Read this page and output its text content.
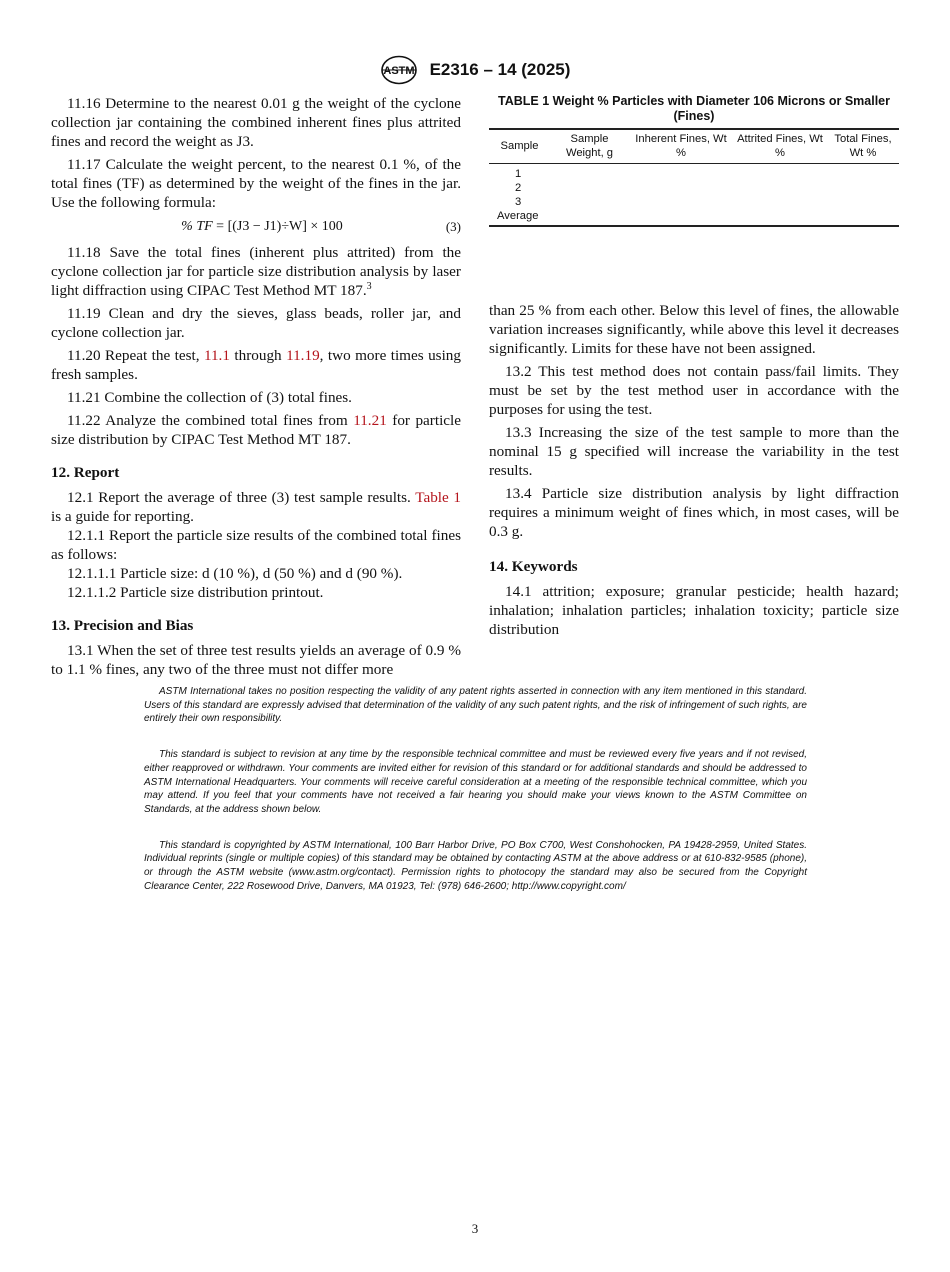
ASTM E2316 – 14 (2025)

11.16 Determine to the nearest 0.01 g the weight of the cyclone collection jar containing the combined inherent fines plus attrited fines and record the weight as J3.

11.17 Calculate the weight percent, to the nearest 0.1 %, of the total fines (TF) as determined by the weight of the fines in the jar. Use the following formula:

% TF = [(J3 − J1)÷W] × 100	(3)

11.18 Save the total fines (inherent plus attrited) from the cyclone collection jar for particle size distribution analysis by laser light diffraction using CIPAC Test Method MT 187.$^3$

11.19 Clean and dry the sieves, glass beads, roller jar, and cyclone collection jar.

11.20 Repeat the test, 11.1 through 11.19, two more times using fresh samples.

11.21 Combine the collection of (3) total fines.

11.22 Analyze the combined total fines from 11.21 for particle size distribution by CIPAC Test Method MT 187.

12. Report

12.1 Report the average of three (3) test sample results. Table 1 is a guide for reporting.

12.1.1 Report the particle size results of the combined total fines as follows:

12.1.1.1 Particle size: d (10 %), d (50 %) and d (90 %).

12.1.1.2 Particle size distribution printout.

13. Precision and Bias

13.1 When the set of three test results yields an average of 0.9 % to 1.1 % fines, any two of the three must not differ more

TABLE 1 Weight % Particles with Diameter 106 Microns or Smaller (Fines)
Sample	Sample Weight, g	Inherent Fines, Wt %	Attrited Fines, Wt %	Total Fines, Wt %
1				
2				
3				
Average				

than 25 % from each other. Below this level of fines, the allowable variation increases significantly, while above this level it decreases significantly. Limits for these have not been assigned.

13.2 This test method does not contain pass/fail limits. They must be set by the test method user in accordance with the purposes for using the test.

13.3 Increasing the size of the test sample to more than the nominal 15 g specified will increase the variability in the test results.

13.4 Particle size distribution analysis by light diffraction requires a minimum weight of fines which, in most cases, will be 0.3 g.

14. Keywords

14.1 attrition; exposure; granular pesticide; health hazard; inhalation; inhalation particles; inhalation toxicity; particle size distribution

ASTM International takes no position respecting the validity of any patent rights asserted in connection with any item mentioned in this standard. Users of this standard are expressly advised that determination of the validity of any such patent rights, and the risk of infringement of such rights, are entirely their own responsibility.

This standard is subject to revision at any time by the responsible technical committee and must be reviewed every five years and if not revised, either reapproved or withdrawn. Your comments are invited either for revision of this standard or for additional standards and should be addressed to ASTM International Headquarters. Your comments will receive careful consideration at a meeting of the responsible technical committee, which you may attend. If you feel that your comments have not received a fair hearing you should make your views known to the ASTM Committee on Standards, at the address shown below.

This standard is copyrighted by ASTM International, 100 Barr Harbor Drive, PO Box C700, West Conshohocken, PA 19428-2959, United States. Individual reprints (single or multiple copies) of this standard may be obtained by contacting ASTM at the above address or at 610-832-9585 (phone), or through the ASTM website (www.astm.org/contact). Permission rights to photocopy the standard may also be secured from the Copyright Clearance Center, 222 Rosewood Drive, Danvers, MA 01923, Tel: (978) 646-2600; http://www.copyright.com/

3
